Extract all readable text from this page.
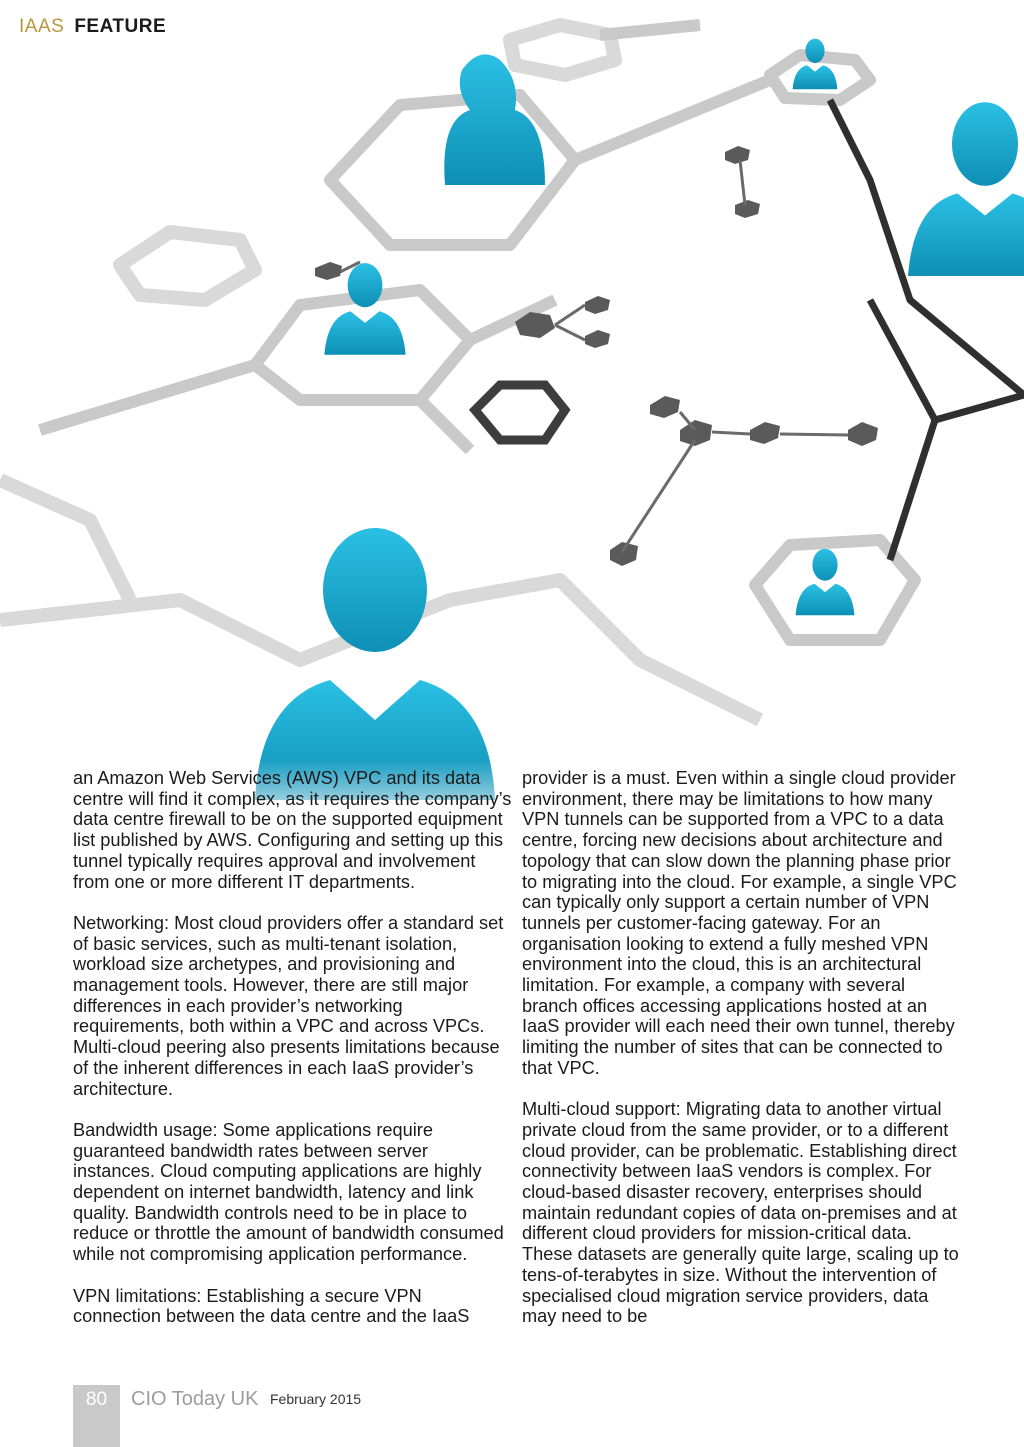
IAAS FEATURE

an Amazon Web Services (AWS) VPC and its data centre will find it complex, as it requires the company’s data centre firewall to be on the supported equipment list published by AWS. Configuring and setting up this tunnel typically requires approval and involvement from one or more different IT departments.

Networking: Most cloud providers offer a standard set of basic services, such as multi-tenant isolation, workload size archetypes, and provisioning and management tools. However, there are still major differences in each provider’s networking requirements, both within a VPC and across VPCs. Multi-cloud peering also presents limitations because of the inherent differences in each IaaS provider’s architecture.

Bandwidth usage: Some applications require guaranteed bandwidth rates between server instances. Cloud computing applications are highly dependent on internet bandwidth, latency and link quality. Bandwidth controls need to be in place to reduce or throttle the amount of bandwidth consumed while not compromising application performance.

VPN limitations: Establishing a secure VPN connection between the data centre and the IaaS

provider is a must. Even within a single cloud provider environment, there may be limitations to how many VPN tunnels can be supported from a VPC to a data centre, forcing new decisions about architecture and topology that can slow down the planning phase prior to migrating into the cloud. For example, a single VPC can typically only support a certain number of VPN tunnels per customer-facing gateway. For an organisation looking to extend a fully meshed VPN environment into the cloud, this is an architectural limitation. For example, a company with several branch offices accessing applications hosted at an IaaS provider will each need their own tunnel, thereby limiting the number of sites that can be connected to that VPC.

Multi-cloud support: Migrating data to another virtual private cloud from the same provider, or to a different cloud provider, can be problematic. Establishing direct connectivity between IaaS vendors is complex. For cloud-based disaster recovery, enterprises should maintain redundant copies of data on-premises and at different cloud providers for mission-critical data. These datasets are generally quite large, scaling up to tens-of-terabytes in size. Without the intervention of specialised cloud migration service providers, data may need to be

80	CIO Today UK February 2015
